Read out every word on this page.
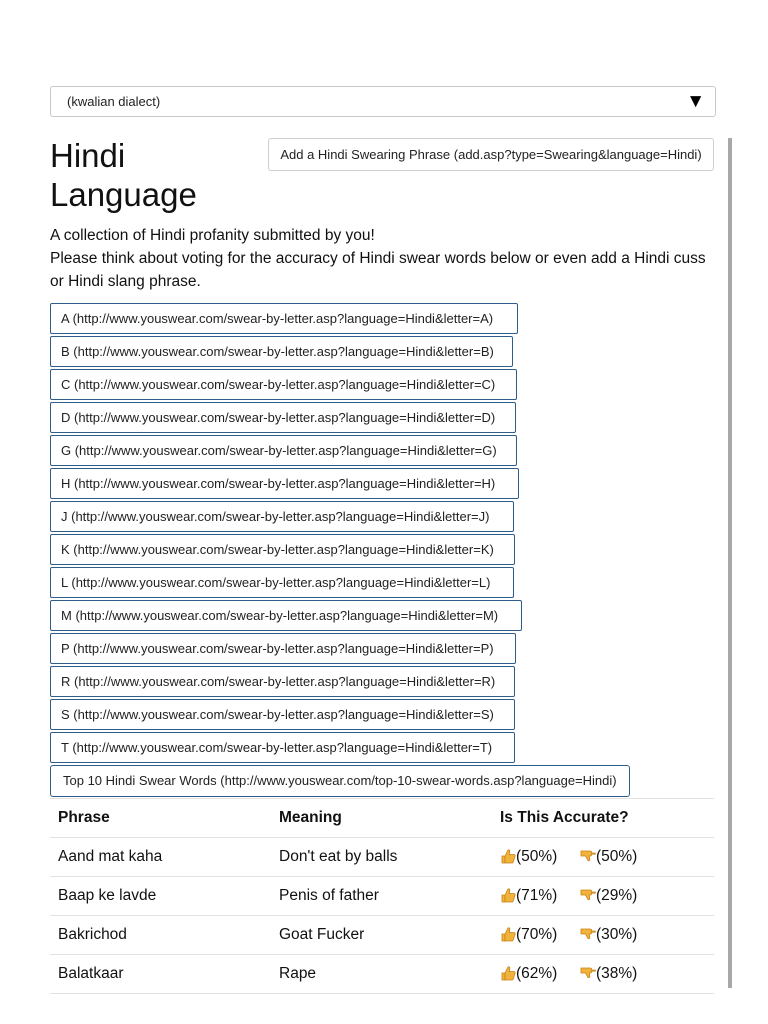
(kwalian dialect)	▼
Hindi Language
Add a Hindi Swearing Phrase (add.asp?type=Swearing&language=Hindi)
A collection of Hindi profanity submitted by you!
Please think about voting for the accuracy of Hindi swear words below or even add a Hindi cuss or Hindi slang phrase.
A (http://www.youswear.com/swear-by-letter.asp?language=Hindi&letter=A)
B (http://www.youswear.com/swear-by-letter.asp?language=Hindi&letter=B)
C (http://www.youswear.com/swear-by-letter.asp?language=Hindi&letter=C)
D (http://www.youswear.com/swear-by-letter.asp?language=Hindi&letter=D)
G (http://www.youswear.com/swear-by-letter.asp?language=Hindi&letter=G)
H (http://www.youswear.com/swear-by-letter.asp?language=Hindi&letter=H)
J (http://www.youswear.com/swear-by-letter.asp?language=Hindi&letter=J)
K (http://www.youswear.com/swear-by-letter.asp?language=Hindi&letter=K)
L (http://www.youswear.com/swear-by-letter.asp?language=Hindi&letter=L)
M (http://www.youswear.com/swear-by-letter.asp?language=Hindi&letter=M)
P (http://www.youswear.com/swear-by-letter.asp?language=Hindi&letter=P)
R (http://www.youswear.com/swear-by-letter.asp?language=Hindi&letter=R)
S (http://www.youswear.com/swear-by-letter.asp?language=Hindi&letter=S)
T (http://www.youswear.com/swear-by-letter.asp?language=Hindi&letter=T)
Top 10 Hindi Swear Words (http://www.youswear.com/top-10-swear-words.asp?language=Hindi)
Phrase	Meaning	Is This Accurate?
Aand mat kaha	Don't eat by balls	(50%) (50%)
Baap ke lavde	Penis of father	(71%) (29%)
Bakrichod	Goat Fucker	(70%) (30%)
Balatkaar	Rape	(62%) (38%)
